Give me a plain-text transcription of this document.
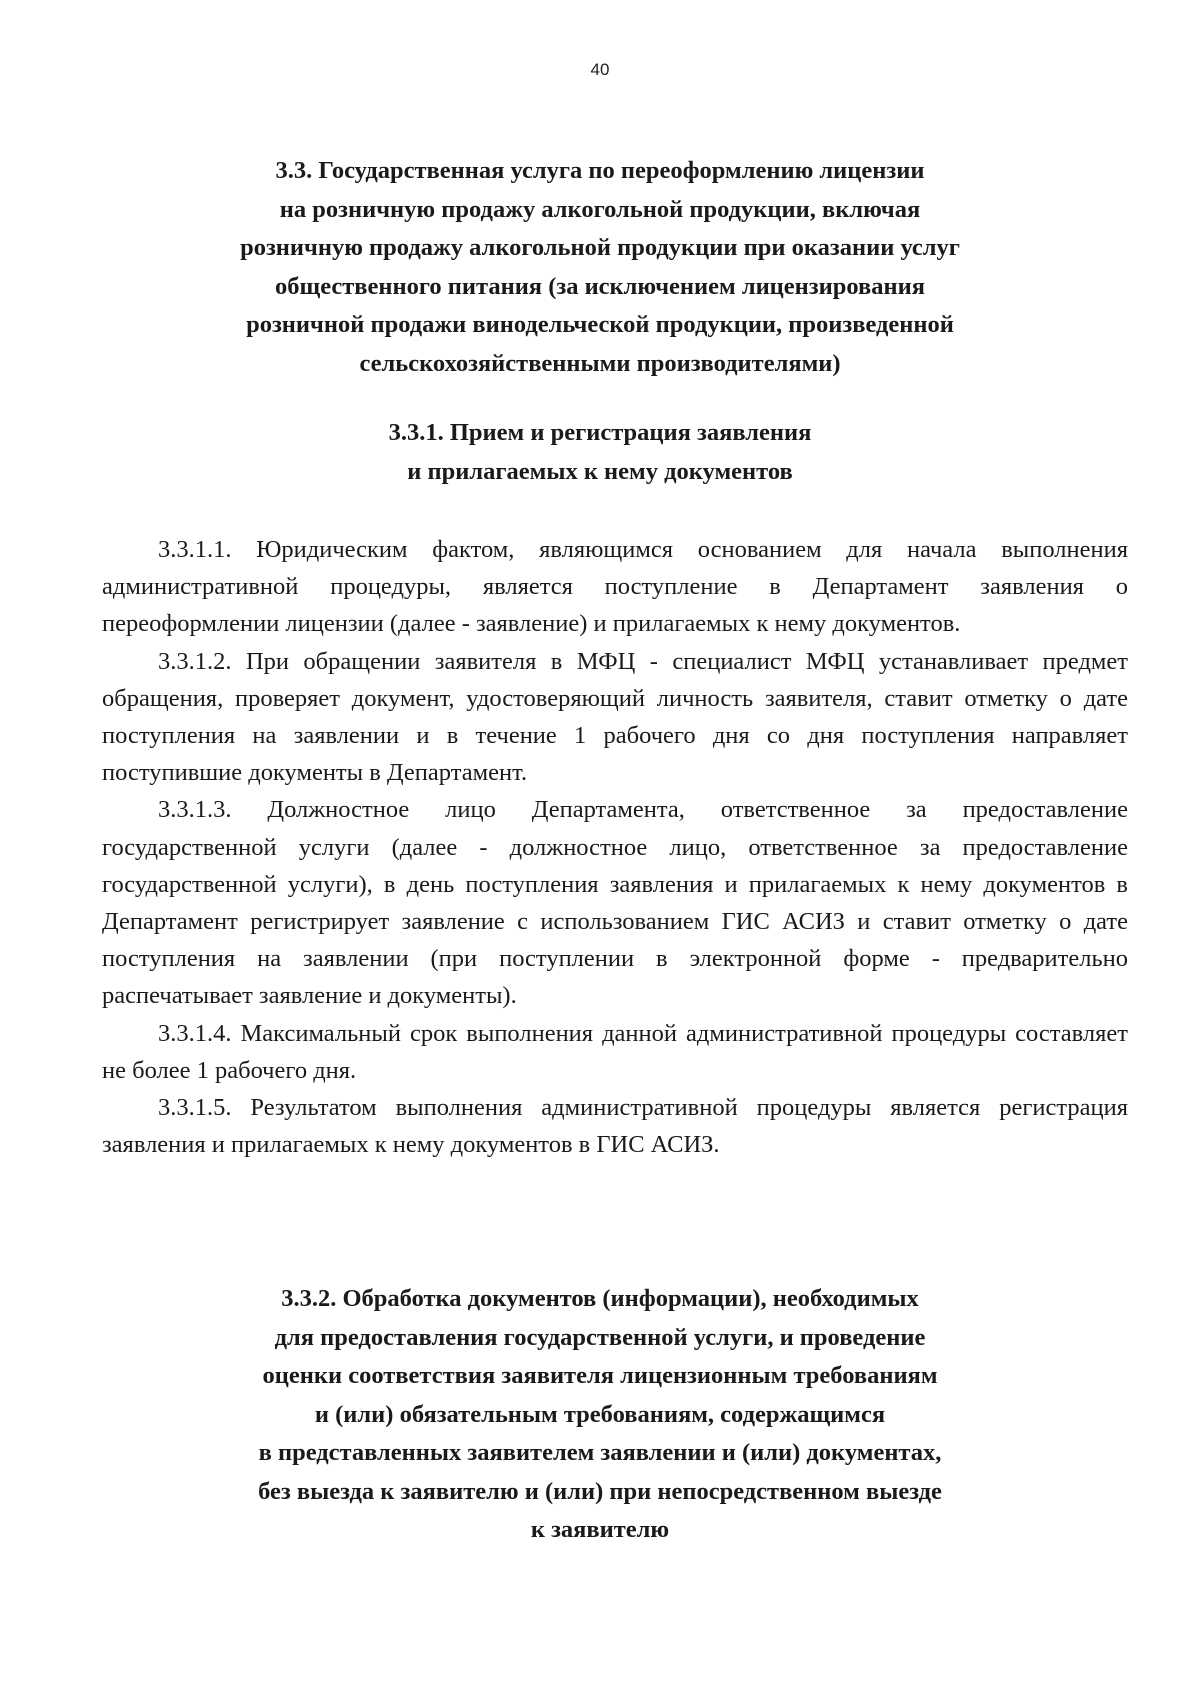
40
3.3. Государственная услуга по переоформлению лицензии
на розничную продажу алкогольной продукции, включая
розничную продажу алкогольной продукции при оказании услуг
общественного питания (за исключением лицензирования
розничной продажи винодельческой продукции, произведенной
сельскохозяйственными производителями)
3.3.1. Прием и регистрация заявления
и прилагаемых к нему документов

3.3.1.1. Юридическим фактом, являющимся основанием для начала выполнения административной процедуры, является поступление в Департамент заявления о переоформлении лицензии (далее - заявление) и прилагаемых к нему документов.

3.3.1.2. При обращении заявителя в МФЦ - специалист МФЦ устанавливает предмет обращения, проверяет документ, удостоверяющий личность заявителя, ставит отметку о дате поступления на заявлении и в течение 1 рабочего дня со дня поступления направляет поступившие документы в Департамент.

3.3.1.3. Должностное лицо Департамента, ответственное за предоставление государственной услуги (далее - должностное лицо, ответственное за предоставление государственной услуги), в день поступления заявления и прилагаемых к нему документов в Департамент регистрирует заявление с использованием ГИС АСИЗ и ставит отметку о дате поступления на заявлении (при поступлении в электронной форме - предварительно распечатывает заявление и документы).

3.3.1.4. Максимальный срок выполнения данной административной процедуры составляет не более 1 рабочего дня.

3.3.1.5. Результатом выполнения административной процедуры является регистрация заявления и прилагаемых к нему документов в ГИС АСИЗ.

3.3.2. Обработка документов (информации), необходимых
для предоставления государственной услуги, и проведение
оценки соответствия заявителя лицензионным требованиям
и (или) обязательным требованиям, содержащимся
в представленных заявителем заявлении и (или) документах,
без выезда к заявителю и (или) при непосредственном выезде
к заявителю
